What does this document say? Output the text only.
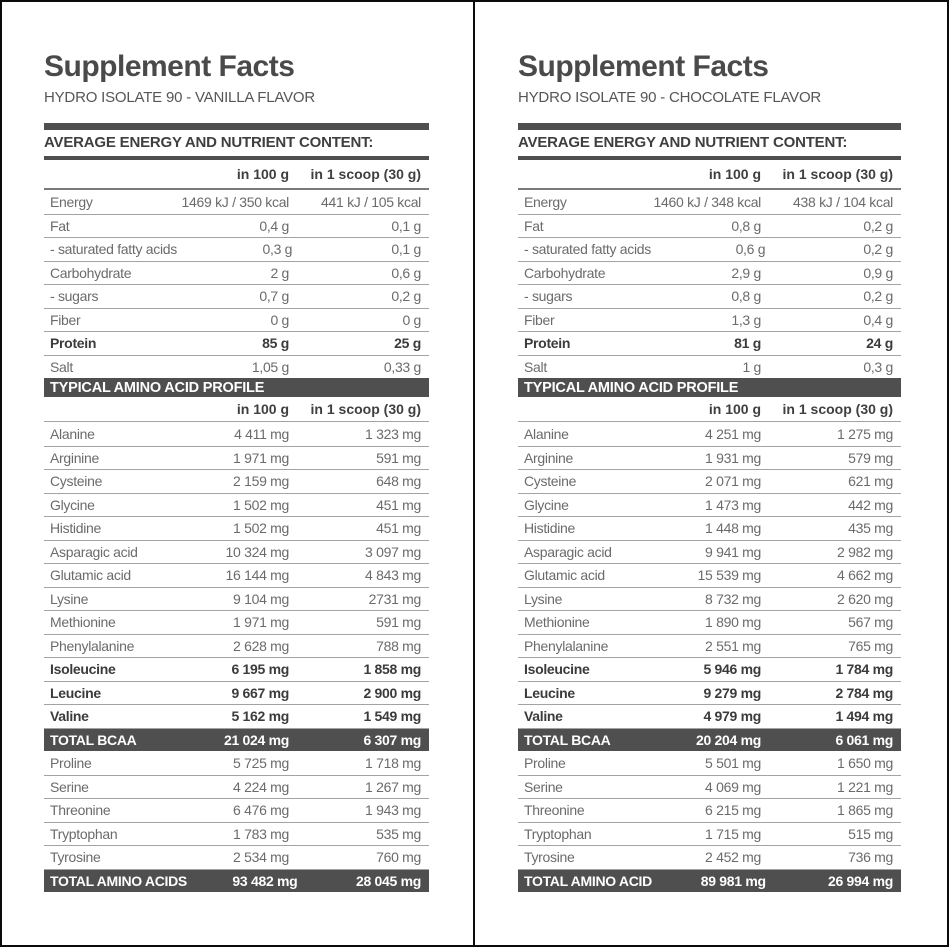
Supplement Facts
HYDRO ISOLATE 90 - VANILLA FLAVOR
AVERAGE ENERGY AND NUTRIENT CONTENT:
in 100 g	in 1 scoop (30 g)
Energy	1469 kJ / 350 kcal	441 kJ / 105 kcal
Fat	0,4 g	0,1 g
- saturated fatty acids	0,3 g	0,1 g
Carbohydrate	2 g	0,6 g
- sugars	0,7 g	0,2 g
Fiber	0 g	0 g
Protein	85 g	25 g
Salt	1,05 g	0,33 g
TYPICAL AMINO ACID PROFILE
in 100 g	in 1 scoop (30 g)
Alanine	4 411 mg	1 323 mg
Arginine	1 971 mg	591 mg
Cysteine	2 159 mg	648 mg
Glycine	1 502 mg	451 mg
Histidine	1 502 mg	451 mg
Asparagic acid	10 324 mg	3 097 mg
Glutamic acid	16 144 mg	4 843 mg
Lysine	9 104 mg	2731 mg
Methionine	1 971 mg	591 mg
Phenylalanine	2 628 mg	788 mg
Isoleucine	6 195 mg	1 858 mg
Leucine	9 667 mg	2 900 mg
Valine	5 162 mg	1 549 mg
TOTAL BCAA	21 024 mg	6 307 mg
Proline	5 725 mg	1 718 mg
Serine	4 224 mg	1 267 mg
Threonine	6 476 mg	1 943 mg
Tryptophan	1 783 mg	535 mg
Tyrosine	2 534 mg	760 mg
TOTAL AMINO ACIDS	93 482 mg	28 045 mg
Supplement Facts
HYDRO ISOLATE 90 - CHOCOLATE FLAVOR
AVERAGE ENERGY AND NUTRIENT CONTENT:
in 100 g	in 1 scoop (30 g)
Energy	1460 kJ / 348 kcal	438 kJ / 104 kcal
Fat	0,8 g	0,2 g
- saturated fatty acids	0,6 g	0,2 g
Carbohydrate	2,9 g	0,9 g
- sugars	0,8 g	0,2 g
Fiber	1,3 g	0,4 g
Protein	81 g	24 g
Salt	1 g	0,3 g
TYPICAL AMINO ACID PROFILE
in 100 g	in 1 scoop (30 g)
Alanine	4 251 mg	1 275 mg
Arginine	1 931 mg	579 mg
Cysteine	2 071 mg	621 mg
Glycine	1 473 mg	442 mg
Histidine	1 448 mg	435 mg
Asparagic acid	9 941 mg	2 982 mg
Glutamic acid	15 539 mg	4 662 mg
Lysine	8 732 mg	2 620 mg
Methionine	1 890 mg	567 mg
Phenylalanine	2 551 mg	765 mg
Isoleucine	5 946 mg	1 784 mg
Leucine	9 279 mg	2 784 mg
Valine	4 979 mg	1 494 mg
TOTAL BCAA	20 204 mg	6 061 mg
Proline	5 501 mg	1 650 mg
Serine	4 069 mg	1 221 mg
Threonine	6 215 mg	1 865 mg
Tryptophan	1 715 mg	515 mg
Tyrosine	2 452 mg	736 mg
TOTAL AMINO ACID	89 981 mg	26 994 mg
